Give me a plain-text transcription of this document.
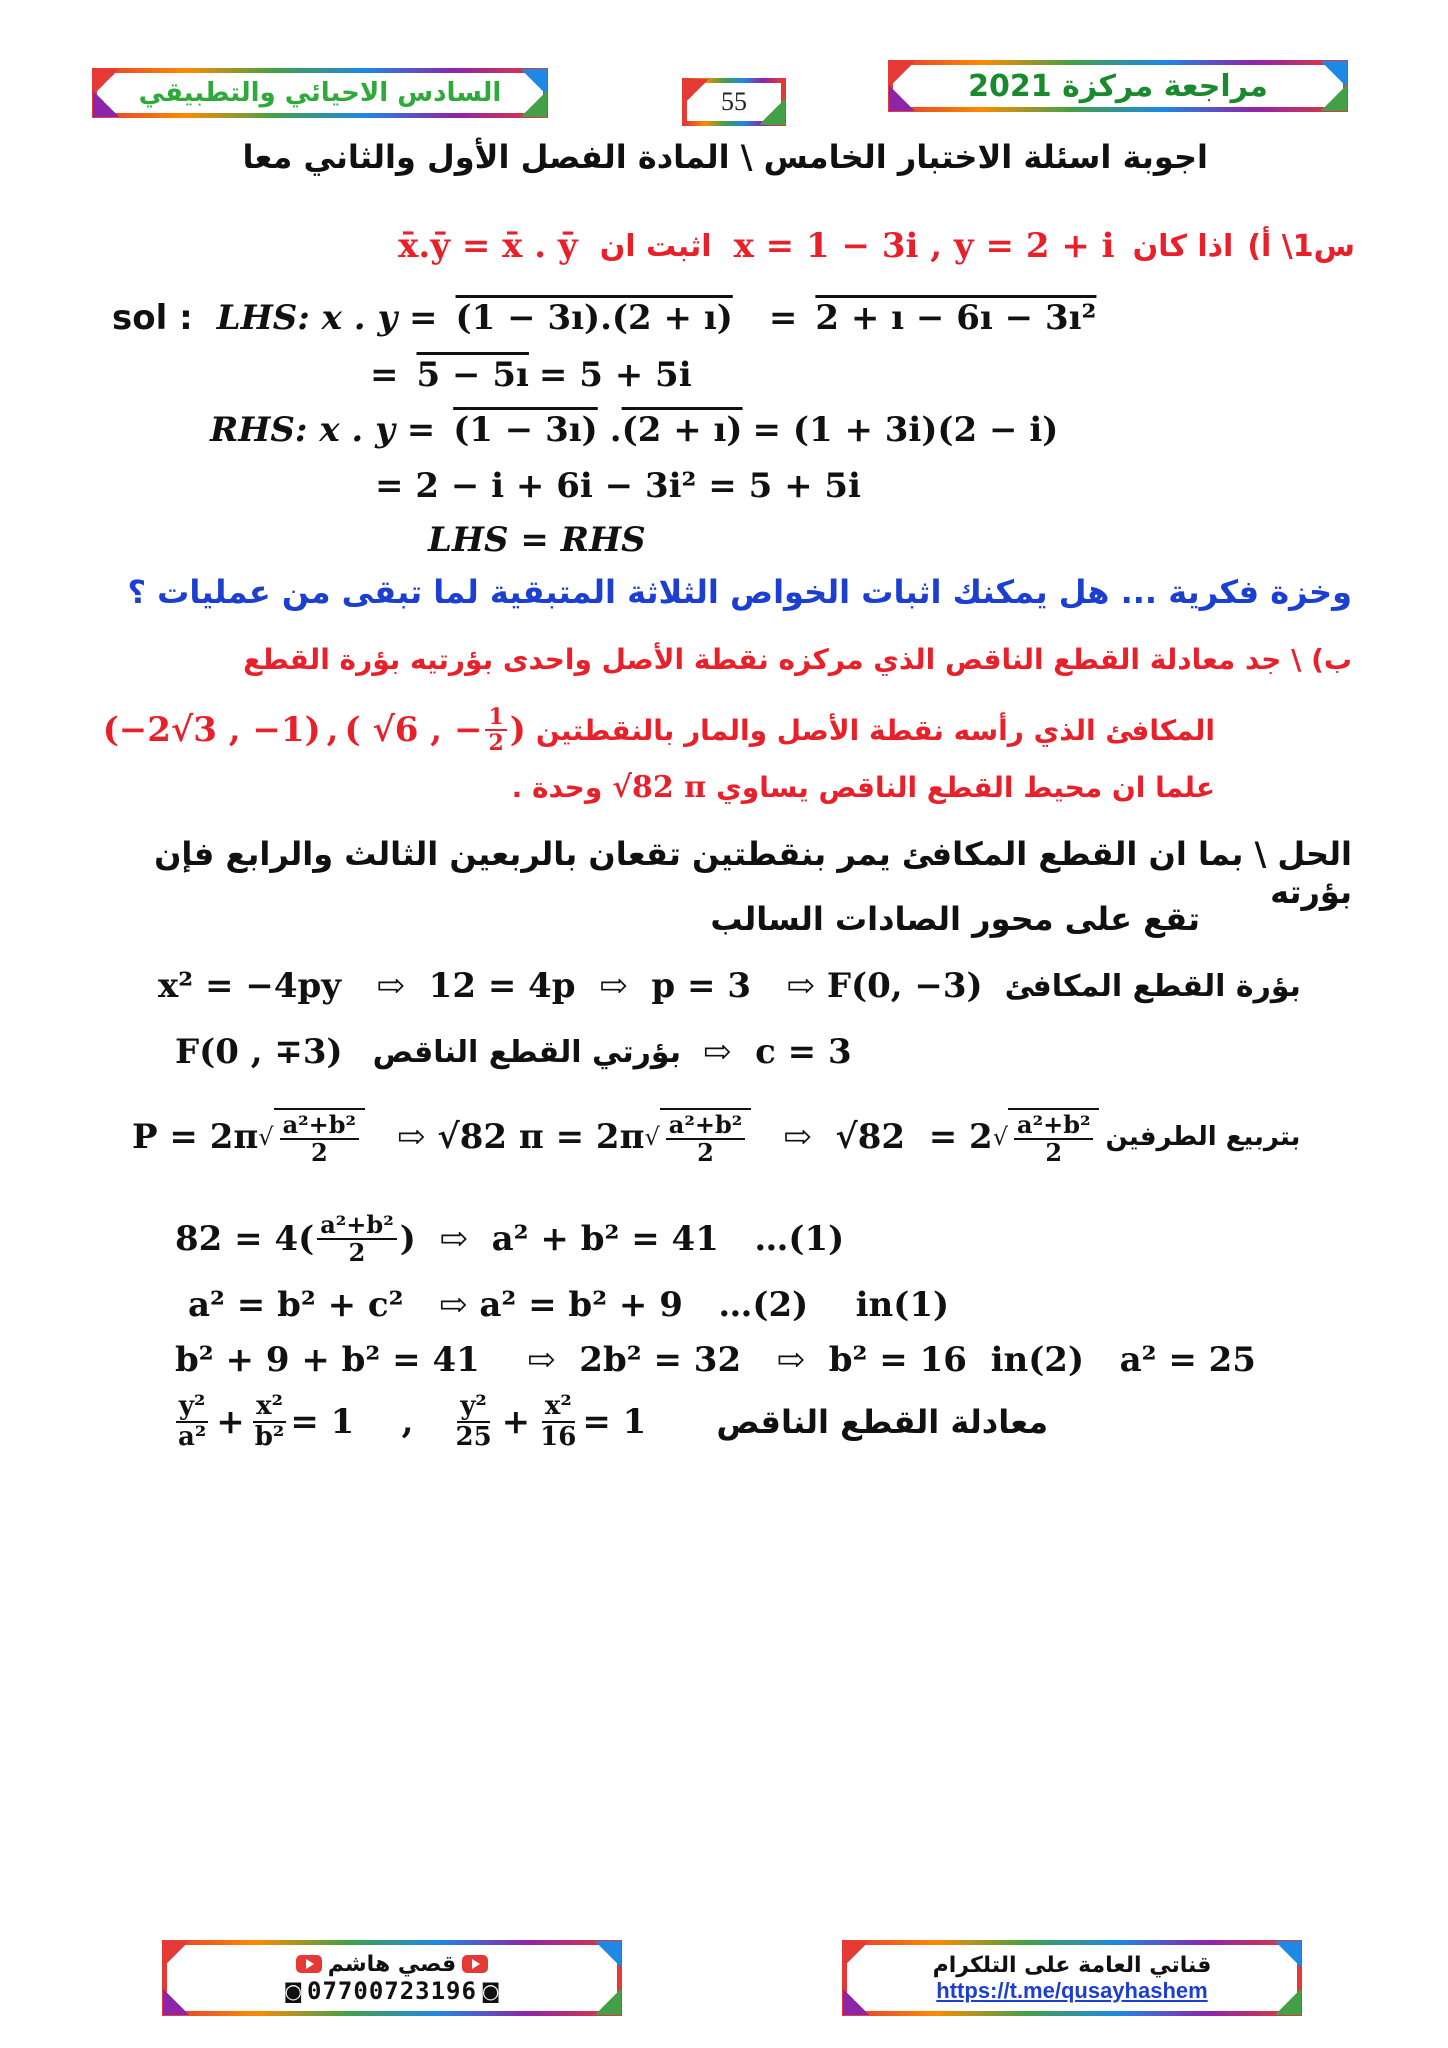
مراجعة مركزة 2021
55
السادس الاحيائي والتطبيقي
اجوبة اسئلة الاختبار الخامس \ المادة الفصل الأول والثاني معا
x̄.ȳ = x̄ . ȳ اثبت ان x = 1 − 3i , y = 2 + i اذا كان س1\ أ)
sol : LHS: x . y = (1 − 3ı).(2 + ı)	= 2 + ı − 6ı − 3ı²
= 5 − 5ı = 5 + 5i
RHS: x . y = (1 − 3ı) . (2 + ı) = (1 + 3i)(2 − i)
= 2 − i + 6i − 3i² = 5 + 5i
LHS = RHS
وخزة فكرية ... هل يمكنك اثبات الخواص الثلاثة المتبقية لما تبقى من عمليات ؟
ب) \ جد معادلة القطع الناقص الذي مركزه نقطة الأصل واحدى بؤرتيه بؤرة القطع
(−2√3 , −1) , ( √6 , − $\frac{1}{2}$ ) المكافئ الذي رأسه نقطة الأصل والمار بالنقطتين
وحدة . √82 π علما ان محيط القطع الناقص يساوي
الحل \ بما ان القطع المكافئ يمر بنقطتين تقعان بالربعين الثالث والرابع فإن بؤرته
تقع على محور الصادات السالب
x² = −4py   ⇨  12 = 4p  ⇨  p = 3   ⇨ F(0, −3) بؤرة القطع المكافئ
F(0 , ∓3) بؤرتي القطع الناقص ⇨  c = 3
P = 2π √ $\frac{\text{a²+b²}}{2}$ ⇨ √82 π = 2π √ $\frac{\text{a²+b²}}{2}$ ⇨  √82  = 2 √ $\frac{\text{a²+b²}}{2}$ بتربيع الطرفين
$82 = 4( \frac{\text{a²+b²}}{2}$ )  ⇨  a² + b² = 41   …(1)
a² = b² + c²   ⇨ a² = b² + 9   …(2)    in(1)
b² + 9 + b² = 41    ⇨  2b² = 32   ⇨  b² = 16  in(2)   a² = 25
$\frac{\text{y²}}{\text{a²}} + \frac{\text{x²}}{\text{b²}} = 1$    , $\frac{\text{y²}}{25} + \frac{\text{x²}}{16} = 1$ معادلة القطع الناقص
قصي هاشم
◙ 07700723196 ◙
قناتي العامة على التلكرام
https://t.me/qusayhashem
